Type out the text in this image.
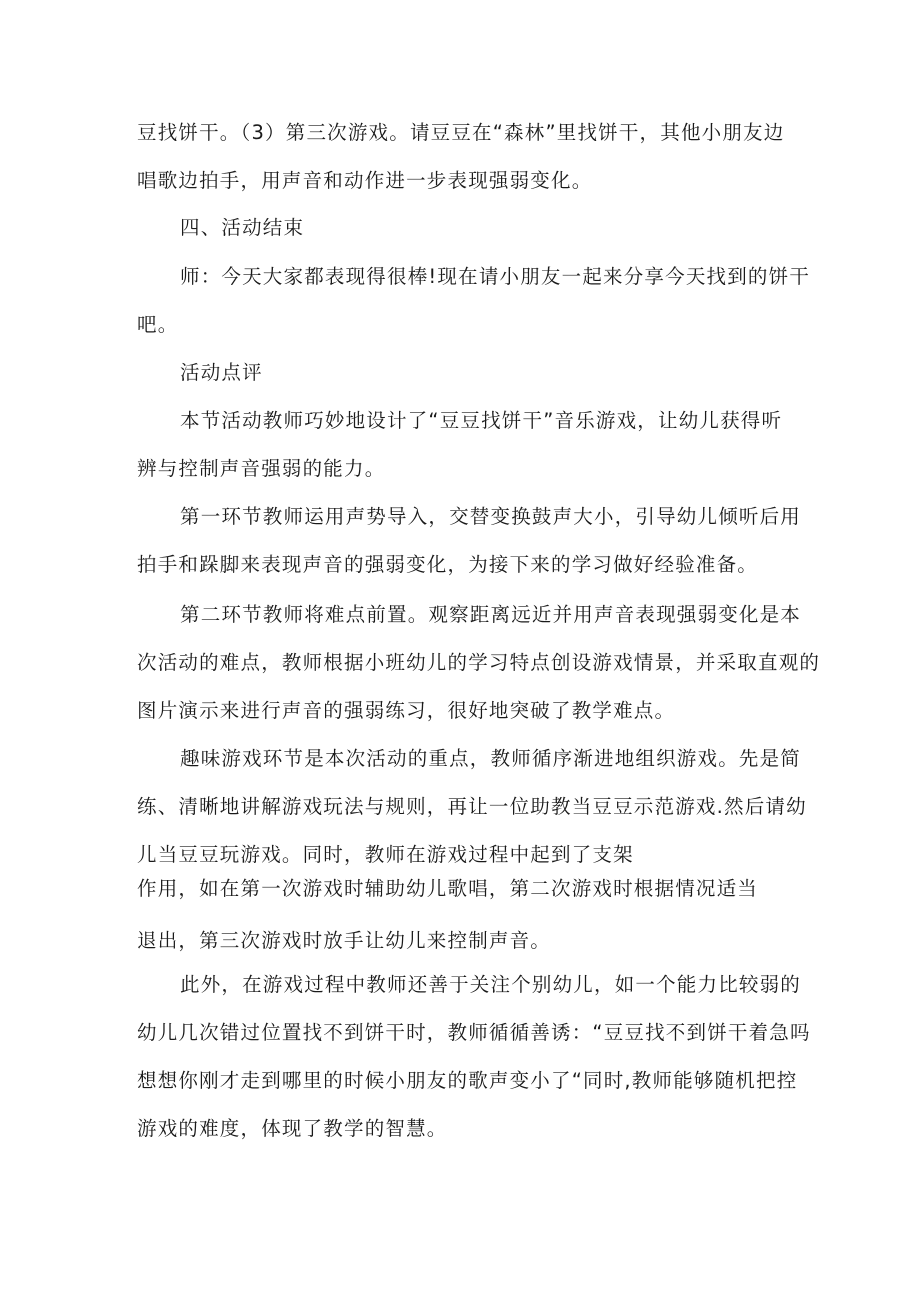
豆找饼干。（3）第三次游戏。请豆豆在“森林”里找饼干，其他小朋友边
唱歌边拍手，用声音和动作进一步表现强弱变化。
四、活动结束
师：今天大家都表现得很棒!现在请小朋友一起来分享今天找到的饼干
吧。
活动点评
本节活动教师巧妙地设计了“豆豆找饼干”音乐游戏，让幼儿获得听
辨与控制声音强弱的能力。
第一环节教师运用声势导入，交替变换鼓声大小，引导幼儿倾听后用
拍手和跺脚来表现声音的强弱变化，为接下来的学习做好经验准备。
第二环节教师将难点前置。观察距离远近并用声音表现强弱变化是本
次活动的难点，教师根据小班幼儿的学习特点创设游戏情景，并采取直观的
图片演示来进行声音的强弱练习，很好地突破了教学难点。
趣味游戏环节是本次活动的重点，教师循序渐进地组织游戏。先是简
练、清晰地讲解游戏玩法与规则，再让一位助教当豆豆示范游戏.然后请幼
儿当豆豆玩游戏。同时，教师在游戏过程中起到了支架
作用，如在第一次游戏时辅助幼儿歌唱，第二次游戏时根据情况适当
退出，第三次游戏时放手让幼儿来控制声音。
此外，在游戏过程中教师还善于关注个别幼儿，如一个能力比较弱的
幼儿几次错过位置找不到饼干时，教师循循善诱：“豆豆找不到饼干着急吗
想想你刚才走到哪里的时候小朋友的歌声变小了“同时,教师能够随机把控
游戏的难度，体现了教学的智慧。
